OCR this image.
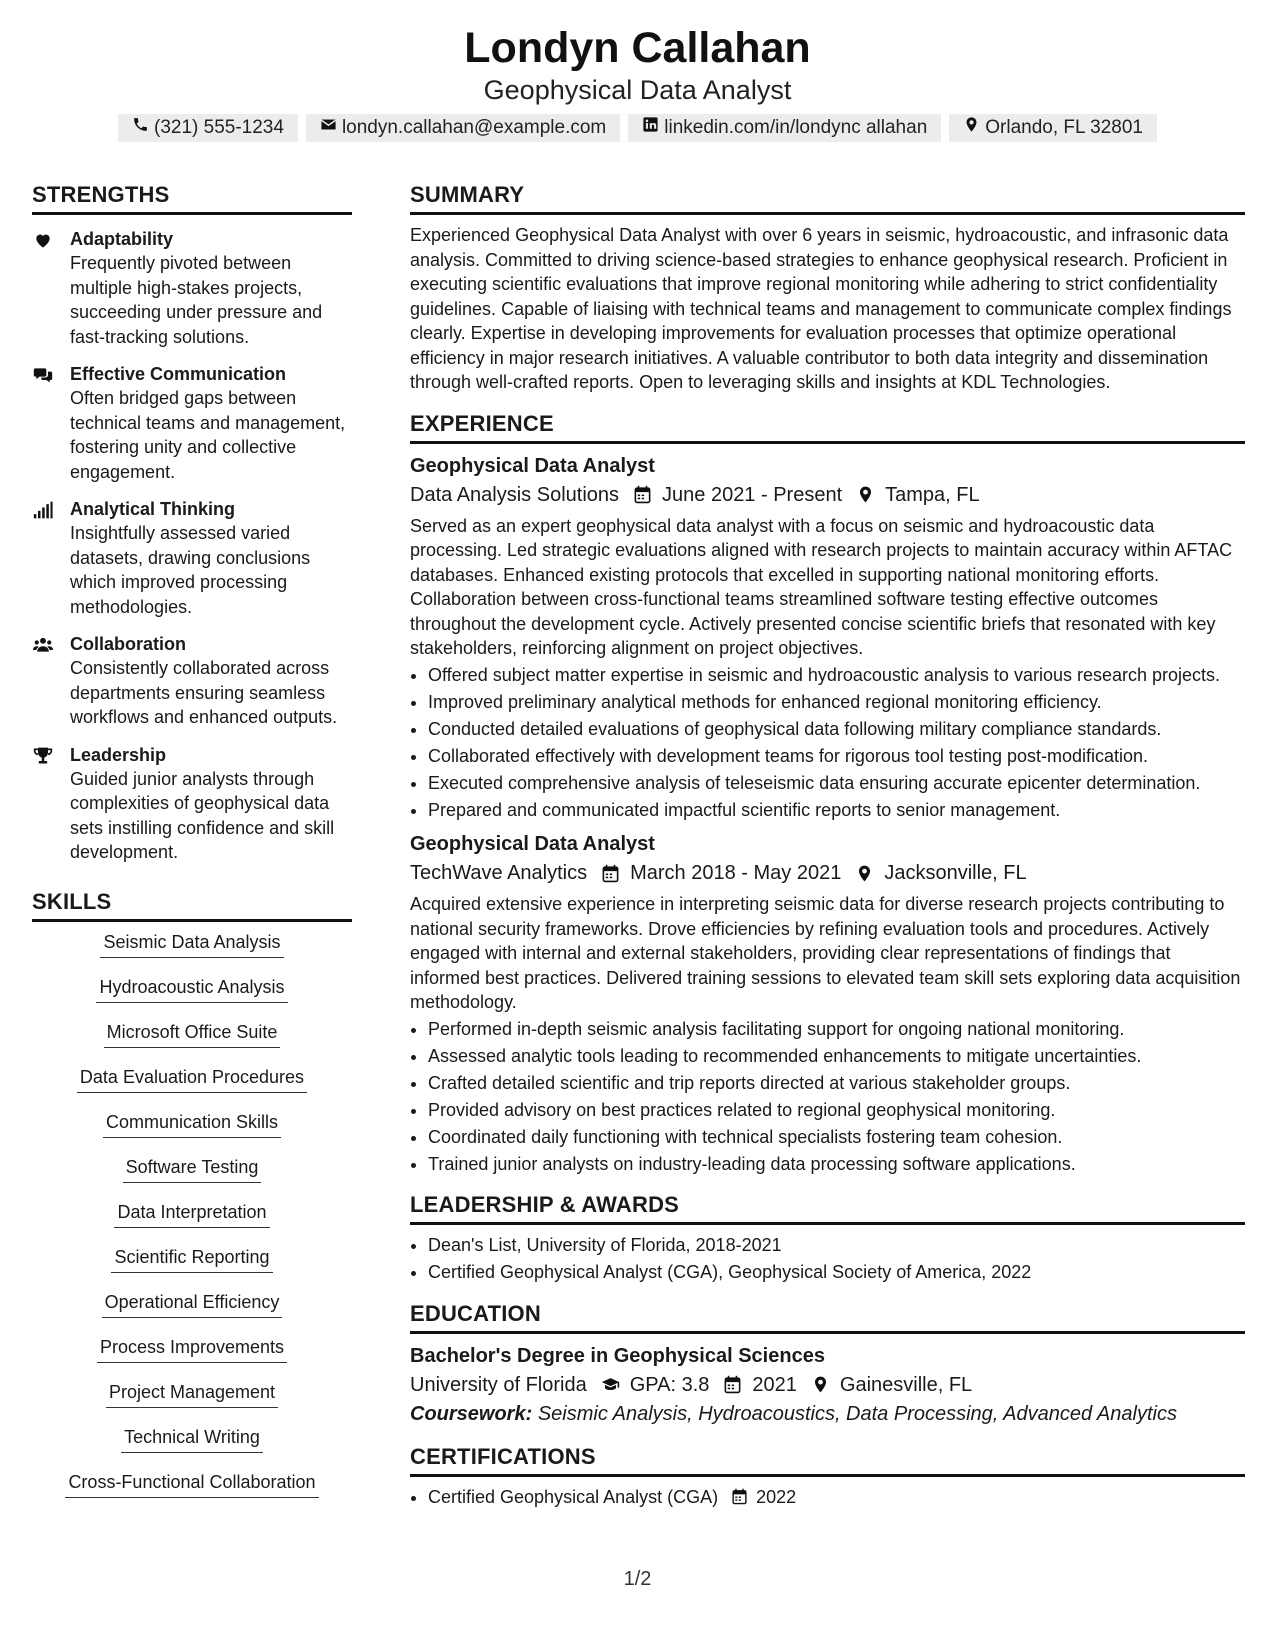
Londyn Callahan
Geophysical Data Analyst
(321) 555-1234	londyn.callahan@example.com	linkedin.com/in/londync allahan	Orlando, FL 32801
STRENGTHS
Adaptability
Frequently pivoted between multiple high-stakes projects, succeeding under pressure and fast-tracking solutions.
Effective Communication
Often bridged gaps between technical teams and management, fostering unity and collective engagement.
Analytical Thinking
Insightfully assessed varied datasets, drawing conclusions which improved processing methodologies.
Collaboration
Consistently collaborated across departments ensuring seamless workflows and enhanced outputs.
Leadership
Guided junior analysts through complexities of geophysical data sets instilling confidence and skill development.
SKILLS
Seismic Data Analysis
Hydroacoustic Analysis
Microsoft Office Suite
Data Evaluation Procedures
Communication Skills
Software Testing
Data Interpretation
Scientific Reporting
Operational Efficiency
Process Improvements
Project Management
Technical Writing
Cross-Functional Collaboration
SUMMARY

Experienced Geophysical Data Analyst with over 6 years in seismic, hydroacoustic, and infrasonic data analysis. Committed to driving science-based strategies to enhance geophysical research. Proficient in executing scientific evaluations that improve regional monitoring while adhering to strict confidentiality guidelines. Capable of liaising with technical teams and management to communicate complex findings clearly. Expertise in developing improvements for evaluation processes that optimize operational efficiency in major research initiatives. A valuable contributor to both data integrity and dissemination through well-crafted reports. Open to leveraging skills and insights at KDL Technologies.

EXPERIENCE
Geophysical Data Analyst
Data Analysis Solutions June 2021 - Present Tampa, FL

Served as an expert geophysical data analyst with a focus on seismic and hydroacoustic data processing. Led strategic evaluations aligned with research projects to maintain accuracy within AFTAC databases. Enhanced existing protocols that excelled in supporting national monitoring efforts. Collaboration between cross-functional teams streamlined software testing effective outcomes throughout the development cycle. Actively presented concise scientific briefs that resonated with key stakeholders, reinforcing alignment on project objectives.

• Offered subject matter expertise in seismic and hydroacoustic analysis to various research projects.
• Improved preliminary analytical methods for enhanced regional monitoring efficiency.
• Conducted detailed evaluations of geophysical data following military compliance standards.
• Collaborated effectively with development teams for rigorous tool testing post-modification.
• Executed comprehensive analysis of teleseismic data ensuring accurate epicenter determination.
• Prepared and communicated impactful scientific reports to senior management.
Geophysical Data Analyst
TechWave Analytics March 2018 - May 2021 Jacksonville, FL

Acquired extensive experience in interpreting seismic data for diverse research projects contributing to national security frameworks. Drove efficiencies by refining evaluation tools and procedures. Actively engaged with internal and external stakeholders, providing clear representations of findings that informed best practices. Delivered training sessions to elevated team skill sets exploring data acquisition methodology.

• Performed in-depth seismic analysis facilitating support for ongoing national monitoring.
• Assessed analytic tools leading to recommended enhancements to mitigate uncertainties.
• Crafted detailed scientific and trip reports directed at various stakeholder groups.
• Provided advisory on best practices related to regional geophysical monitoring.
• Coordinated daily functioning with technical specialists fostering team cohesion.
• Trained junior analysts on industry-leading data processing software applications.
LEADERSHIP & AWARDS
• Dean's List, University of Florida, 2018-2021
• Certified Geophysical Analyst (CGA), Geophysical Society of America, 2022
EDUCATION
Bachelor's Degree in Geophysical Sciences
University of Florida GPA: 3.8 2021 Gainesville, FL
Coursework: Seismic Analysis, Hydroacoustics, Data Processing, Advanced Analytics
CERTIFICATIONS
• Certified Geophysical Analyst (CGA) 2022
1/2
